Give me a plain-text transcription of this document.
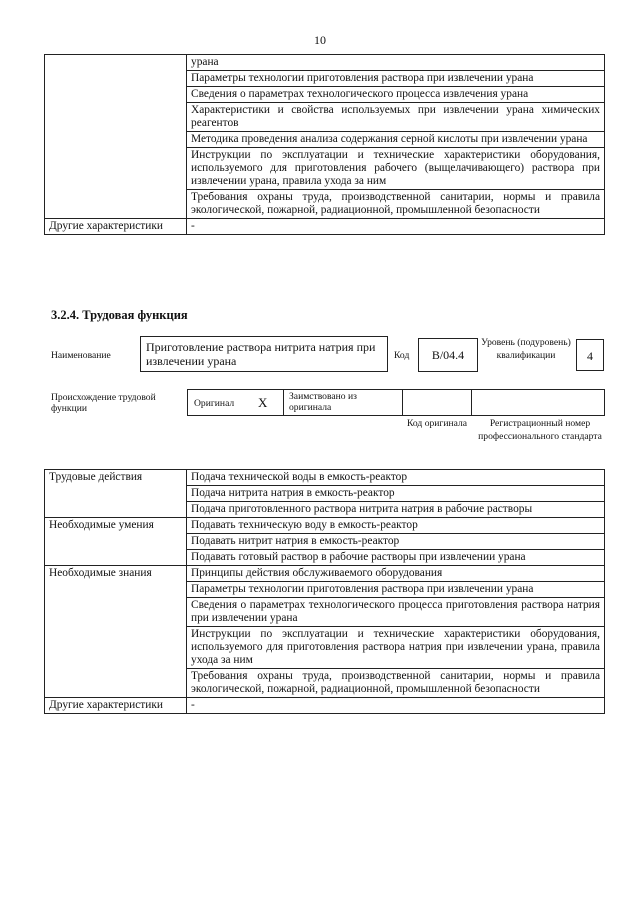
10
	урана
	Параметры технологии приготовления раствора при извлечении урана
	Сведения о параметрах технологического процесса извлечения урана
	Характеристики и свойства используемых при извлечении урана химических реагентов
	Методика проведения анализа содержания серной кислоты при извлечении урана
	Инструкции по эксплуатации и технические характеристики оборудования, используемого для приготовления рабочего (выщелачивающего) раствора при извлечении урана, правила ухода за ним
	Требования охраны труда, производственной санитарии, нормы и правила экологической, пожарной, радиационной, промышленной безопасности
Другие характеристики	-
3.2.4. Трудовая функция
Наименование
Приготовление раствора нитрита натрия при извлечении урана	Код	B/04.4
Уровень (подуровень) квалификации	4
Происхождение трудовой функции	Оригинал X Заимствовано из оригинала
Код оригинала	Регистрационный номер профессионального стандарта
Трудовые действия	Подача технической воды в емкость-реактор
	Подача нитрита натрия в емкость-реактор
	Подача приготовленного раствора нитрита натрия в рабочие растворы
Необходимые умения	Подавать техническую воду в емкость-реактор
	Подавать нитрит натрия в емкость-реактор
	Подавать готовый раствор в рабочие растворы при извлечении урана
Необходимые знания	Принципы действия обслуживаемого оборудования
	Параметры технологии приготовления раствора при извлечении урана
	Сведения о параметрах технологического процесса приготовления раствора натрия при извлечении урана
	Инструкции по эксплуатации и технические характеристики оборудования, используемого для приготовления раствора натрия при извлечении урана, правила ухода за ним
	Требования охраны труда, производственной санитарии, нормы и правила экологической, пожарной, радиационной, промышленной безопасности
Другие характеристики	-
